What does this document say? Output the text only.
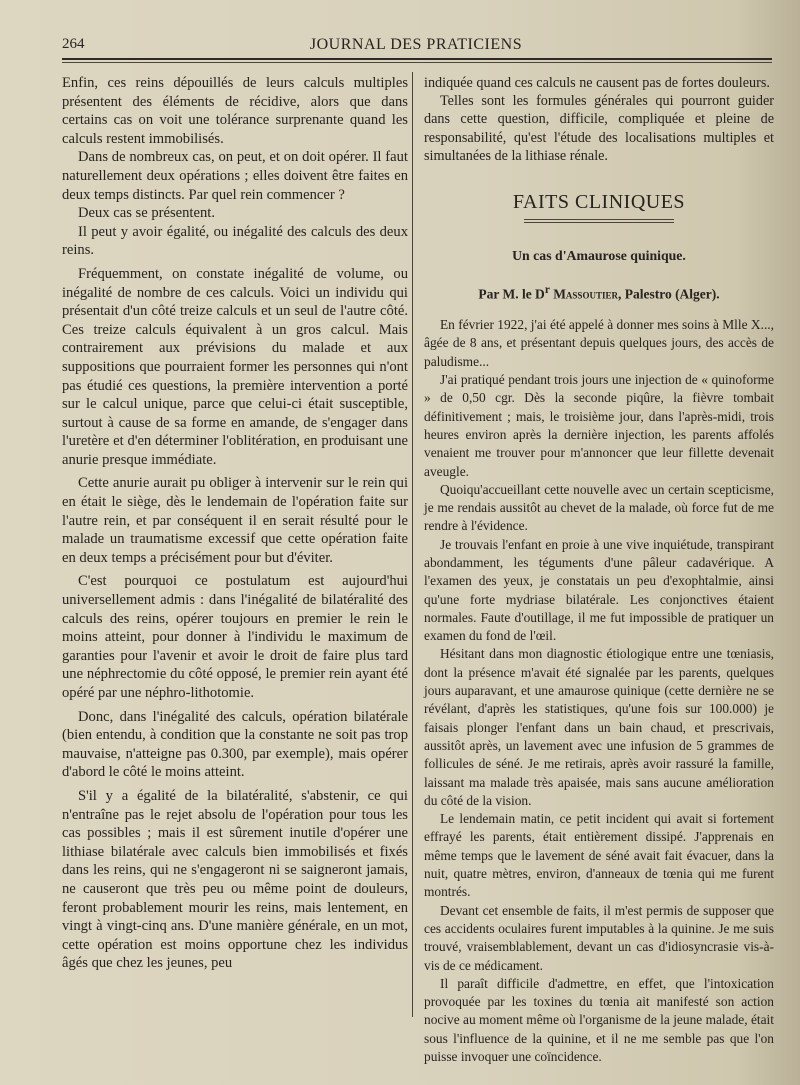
264	JOURNAL DES PRATICIENS

Enfin, ces reins dépouillés de leurs calculs multiples présentent des éléments de récidive, alors que dans certains cas on voit une tolérance surprenante quand les calculs restent immobilisés.

Dans de nombreux cas, on peut, et on doit opérer. Il faut naturellement deux opérations ; elles doivent être faites en deux temps distincts. Par quel rein commencer ?

Deux cas se présentent.

Il peut y avoir égalité, ou inégalité des calculs des deux reins.

Fréquemment, on constate inégalité de volume, ou inégalité de nombre de ces calculs. Voici un individu qui présentait d'un côté treize calculs et un seul de l'autre côté. Ces treize calculs équivalent à un gros calcul. Mais contrairement aux prévisions du malade et aux suppositions que pourraient former les personnes qui n'ont pas étudié ces questions, la première intervention a porté sur le calcul unique, parce que celui-ci était susceptible, surtout à cause de sa forme en amande, de s'engager dans l'uretère et d'en déterminer l'oblitération, en produisant une anurie presque immédiate.

Cette anurie aurait pu obliger à intervenir sur le rein qui en était le siège, dès le lendemain de l'opération faite sur l'autre rein, et par conséquent il en serait résulté pour le malade un traumatisme excessif que cette opération faite en deux temps a précisément pour but d'éviter.

C'est pourquoi ce postulatum est aujourd'hui universellement admis : dans l'inégalité de bilatéralité des calculs des reins, opérer toujours en premier le rein le moins atteint, pour donner à l'individu le maximum de garanties pour l'avenir et avoir le droit de faire plus tard une néphrectomie du côté opposé, le premier rein ayant été opéré par une néphro-lithotomie.

Donc, dans l'inégalité des calculs, opération bilatérale (bien entendu, à condition que la constante ne soit pas trop mauvaise, n'atteigne pas 0.300, par exemple), mais opérer d'abord le côté le moins atteint.

S'il y a égalité de la bilatéralité, s'abstenir, ce qui n'entraîne pas le rejet absolu de l'opération pour tous les cas possibles ; mais il est sûrement inutile d'opérer une lithiase bilatérale avec calculs bien immobilisés et fixés dans les reins, qui ne s'engageront ni se saigneront jamais, ne causeront que très peu ou même point de douleurs, feront probablement mourir les reins, mais lentement, en vingt à vingt-cinq ans. D'une manière générale, en un mot, cette opération est moins opportune chez les individus âgés que chez les jeunes, peu

indiquée quand ces calculs ne causent pas de fortes douleurs.

Telles sont les formules générales qui pourront guider dans cette question, difficile, compliquée et pleine de responsabilité, qu'est l'étude des localisations multiples et simultanées de la lithiase rénale.

FAITS CLINIQUES
Un cas d'Amaurose quinique.
Par M. le $D^r$ Massoutier, Palestro (Alger).

En février 1922, j'ai été appelé à donner mes soins à Mlle X..., âgée de 8 ans, et présentant depuis quelques jours, des accès de paludisme...

J'ai pratiqué pendant trois jours une injection de « quinoforme » de 0,50 cgr. Dès la seconde piqûre, la fièvre tombait définitivement ; mais, le troisième jour, dans l'après-midi, trois heures environ après la dernière injection, les parents affolés venaient me trouver pour m'annoncer que leur fillette devenait aveugle.

Quoiqu'accueillant cette nouvelle avec un certain scepticisme, je me rendais aussitôt au chevet de la malade, où force fut de me rendre à l'évidence.

Je trouvais l'enfant en proie à une vive inquiétude, transpirant abondamment, les téguments d'une pâleur cadavérique. A l'examen des yeux, je constatais un peu d'exophtalmie, ainsi qu'une forte mydriase bilatérale. Les conjonctives étaient normales. Faute d'outillage, il me fut impossible de pratiquer un examen du fond de l'œil.

Hésitant dans mon diagnostic étiologique entre une tœniasis, dont la présence m'avait été signalée par les parents, quelques jours auparavant, et une amaurose quinique (cette dernière ne se révélant, d'après les statistiques, qu'une fois sur 100.000) je faisais plonger l'enfant dans un bain chaud, et prescrivais, aussitôt après, un lavement avec une infusion de 5 grammes de follicules de séné. Je me retirais, après avoir rassuré la famille, laissant ma malade très apaisée, mais sans aucune amélioration du côté de la vision.

Le lendemain matin, ce petit incident qui avait si fortement effrayé les parents, était entièrement dissipé. J'apprenais en même temps que le lavement de séné avait fait évacuer, dans la nuit, quatre mètres, environ, d'anneaux de tœnia qui me furent montrés.

Devant cet ensemble de faits, il m'est permis de supposer que ces accidents oculaires furent imputables à la quinine. Je me suis trouvé, vraisemblablement, devant un cas d'idiosyncrasie vis-à-vis de ce médicament.

Il paraît difficile d'admettre, en effet, que l'intoxication provoquée par les toxines du tœnia ait manifesté son action nocive au moment même où l'organisme de la jeune malade, était sous l'influence de la quinine, et il ne me semble pas que l'on puisse invoquer une coïncidence.
